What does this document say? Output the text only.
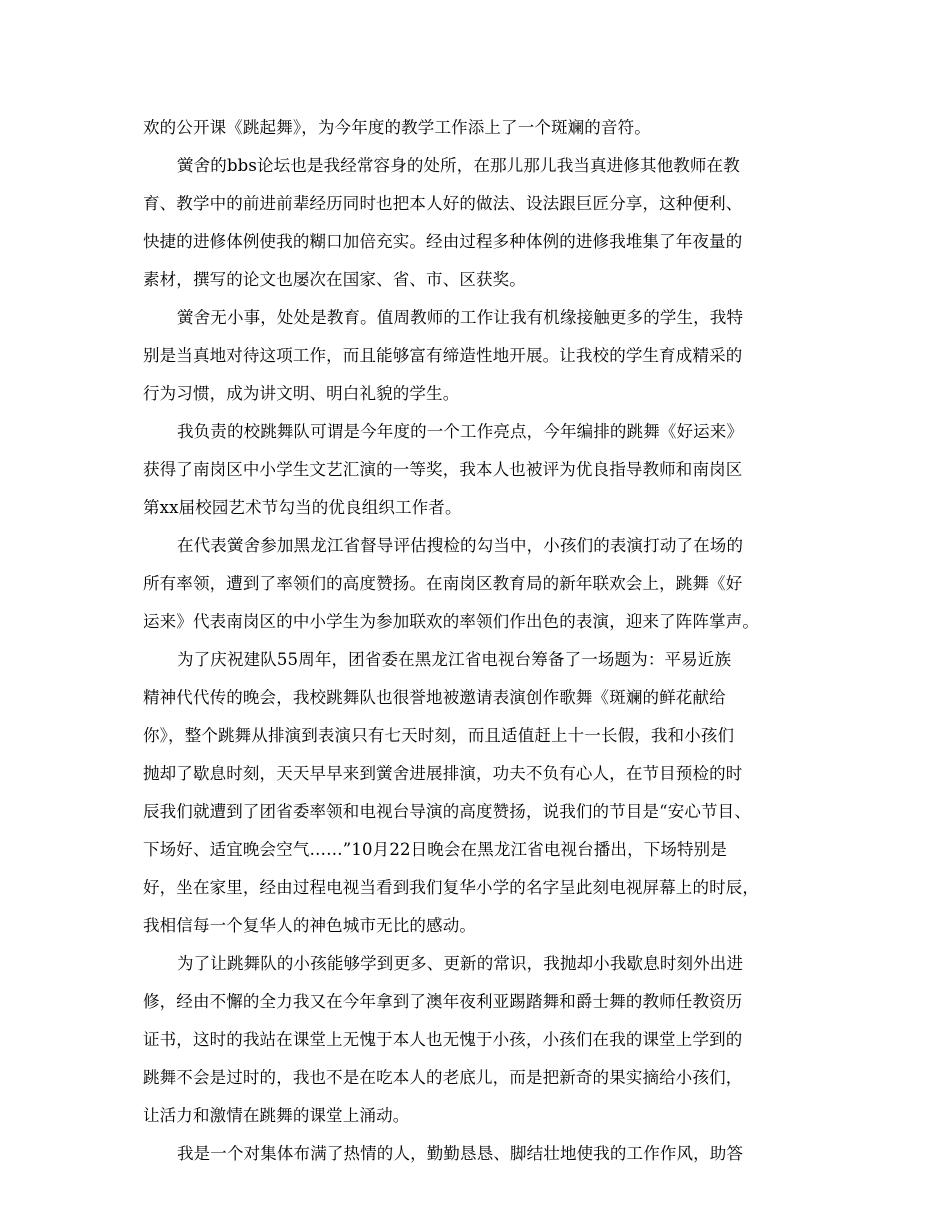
欢的公开课《跳起舞》，为今年度的教学工作添上了一个斑斓的音符。
黉舍的bbs论坛也是我经常容身的处所，在那儿那儿我当真进修其他教师在教
育、教学中的前进前辈经历同时也把本人好的做法、设法跟巨匠分享，这种便利、
快捷的进修体例使我的糊口加倍充实。经由过程多种体例的进修我堆集了年夜量的
素材，撰写的论文也屡次在国家、省、市、区获奖。
黉舍无小事，处处是教育。值周教师的工作让我有机缘接触更多的学生，我特
别是当真地对待这项工作，而且能够富有缔造性地开展。让我校的学生育成精采的
行为习惯，成为讲文明、明白礼貌的学生。
我负责的校跳舞队可谓是今年度的一个工作亮点，今年编排的跳舞《好运来》
获得了南岗区中小学生文艺汇演的一等奖，我本人也被评为优良指导教师和南岗区
第xx届校园艺术节勾当的优良组织工作者。
在代表黉舍参加黑龙江省督导评估搜检的勾当中，小孩们的表演打动了在场的
所有率领，遭到了率领们的高度赞扬。在南岗区教育局的新年联欢会上，跳舞《好
运来》代表南岗区的中小学生为参加联欢的率领们作出色的表演，迎来了阵阵掌声。
为了庆祝建队55周年，团省委在黑龙江省电视台筹备了一场题为：平易近族
精神代代传的晚会，我校跳舞队也很誉地被邀请表演创作歌舞《斑斓的鲜花献给
你》，整个跳舞从排演到表演只有七天时刻，而且适值赶上十一长假，我和小孩们
抛却了歇息时刻，天天早早来到黉舍进展排演，功夫不负有心人，在节目预检的时
辰我们就遭到了团省委率领和电视台导演的高度赞扬，说我们的节目是“安心节目、
下场好、适宜晚会空气……”10月22日晚会在黑龙江省电视台播出，下场特别是
好，坐在家里，经由过程电视当看到我们复华小学的名字呈此刻电视屏幕上的时辰，
我相信每一个复华人的神色城市无比的感动。
为了让跳舞队的小孩能够学到更多、更新的常识，我抛却小我歇息时刻外出进
修，经由不懈的全力我又在今年拿到了澳年夜利亚踢踏舞和爵士舞的教师任教资历
证书，这时的我站在课堂上无愧于本人也无愧于小孩，小孩们在我的课堂上学到的
跳舞不会是过时的，我也不是在吃本人的老底儿，而是把新奇的果实摘给小孩们，
让活力和激情在跳舞的课堂上涌动。
我是一个对集体布满了热情的人，勤勤恳恳、脚结壮地使我的工作作风，助答
